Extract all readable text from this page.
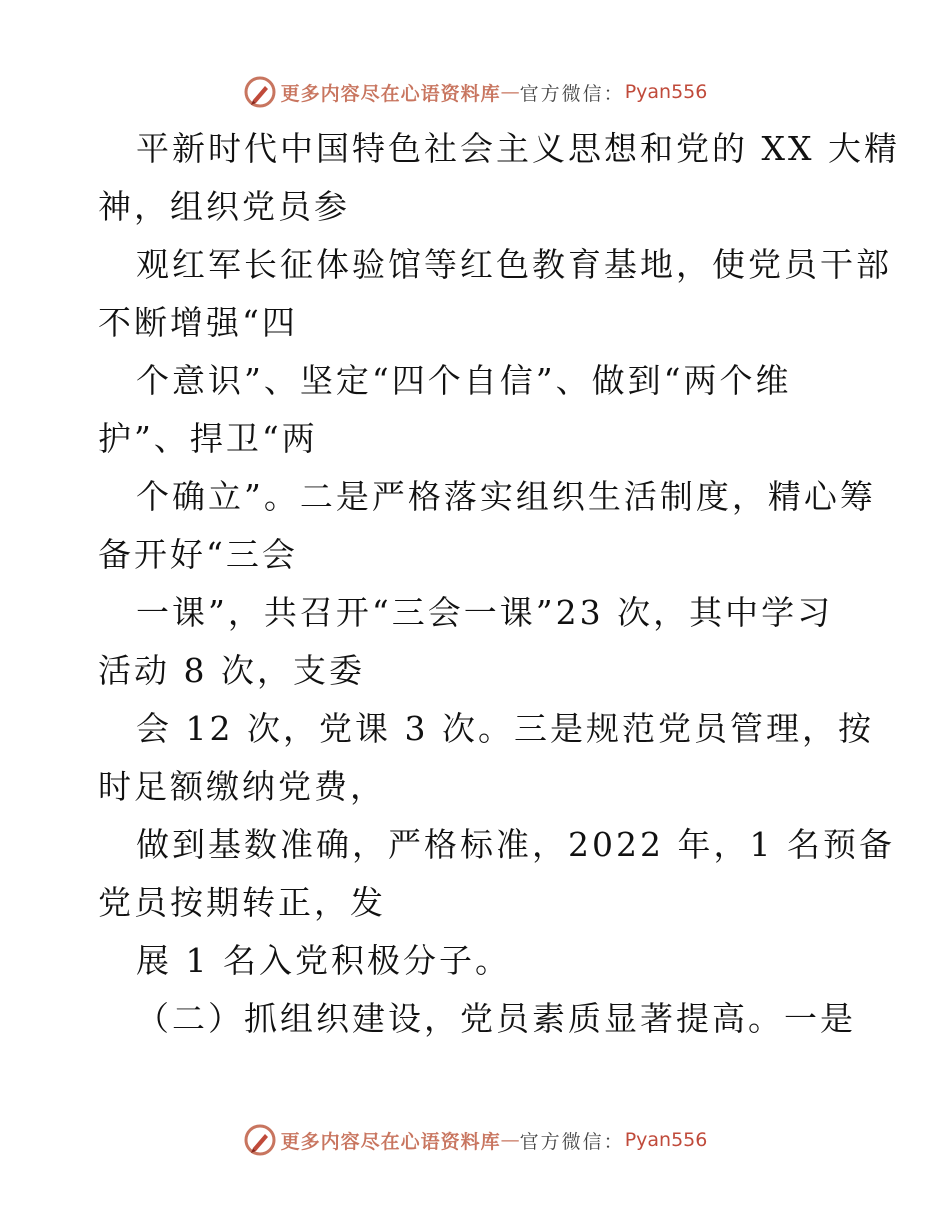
更多内容尽在心语资料库 — 官方微信： Pyan556
平新时代中国特色社会主义思想和党的 XX 大精
神，组织党员参
观红军长征体验馆等红色教育基地，使党员干部
不断增强“四
个意识”、坚定“四个自信”、做到“两个维
护”、捍卫“两
个确立”。二是严格落实组织生活制度，精心筹
备开好“三会
一课”，共召开“三会一课”23 次，其中学习
活动 8 次，支委
会 12 次，党课 3 次。三是规范党员管理，按
时足额缴纳党费，
做到基数准确，严格标准，2022 年，1 名预备
党员按期转正，发
展 1 名入党积极分子。
（二）抓组织建设，党员素质显著提高。一是
更多内容尽在心语资料库 — 官方微信： Pyan556
